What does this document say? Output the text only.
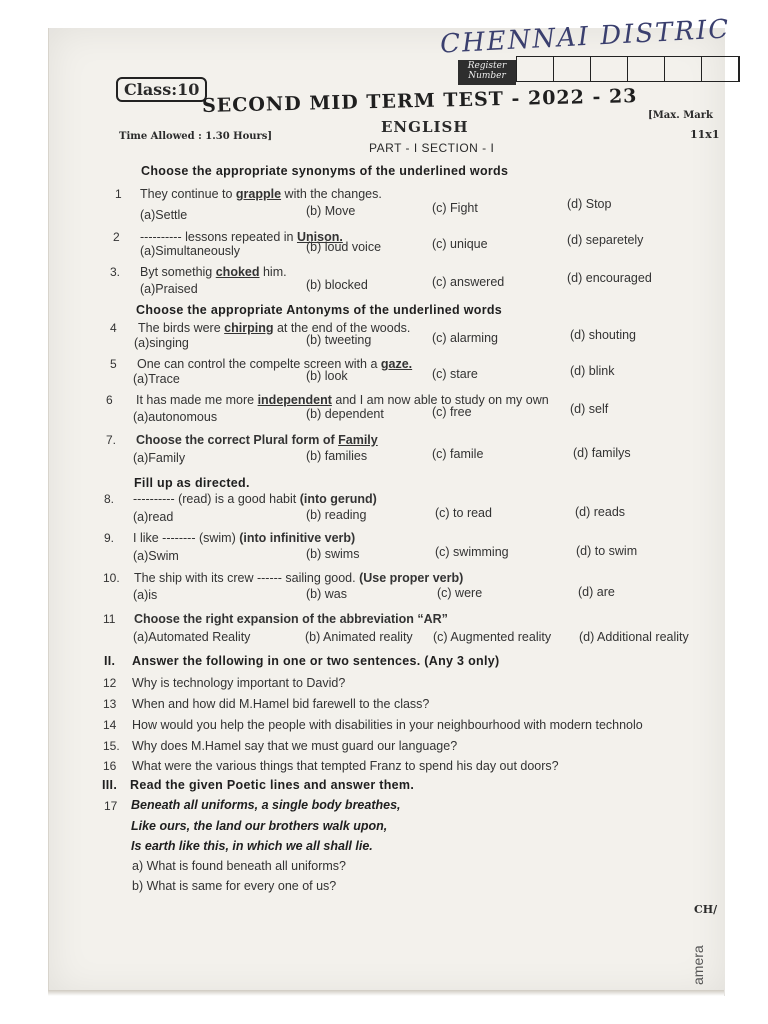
CHENNAI DISTRIC
Class:10
Register Number
SECOND MID TERM TEST - 2022 - 23
ENGLISH
Time Allowed : 1.30 Hours]
[Max. Mark
11x1
PART - I SECTION - I
Choose the appropriate synonyms of the underlined words
Choose the appropriate Antonyms of the underlined words
Fill up as directed.
1 They continue to grapple with the changes.
(a)Settle	(b) Move	(c) Fight	(d) Stop
2 ---------- lessons repeated in Unison.
(a)Simultaneously	(b) loud voice	(c) unique	(d) separetely
3. Byt somethig choked him.
(a)Praised	(b) blocked	(c) answered	(d) encouraged
4 The birds were chirping at the end of the woods.
(a)singing	(b) tweeting	(c) alarming	(d) shouting
5 One can control the compelte screen with a gaze.
(a)Trace	(b) look	(c) stare	(d) blink
6 It has made me more independent and I am now able to study on my own
(a)autonomous	(b) dependent	(c) free	(d) self
7. Choose the correct Plural form of Family
(a)Family	(b) families	(c) famile	(d) familys
8. ---------- (read) is a good habit (into gerund)
(a)read	(b) reading	(c) to read	(d) reads
9. I like -------- (swim) (into infinitive verb)
(a)Swim	(b) swims	(c) swimming	(d) to swim
10. The ship with its crew ------ sailing good. (Use proper verb)
(a)is	(b) was	(c) were	(d) are
11 Choose the right expansion of the abbreviation “AR”
(a)Automated Reality	(b) Animated reality (c) Augmented reality (d) Additional reality
II. Answer the following in one or two sentences. (Any 3 only)
12 Why is technology important to David?
13 When and how did M.Hamel bid farewell to the class?
14 How would you help the people with disabilities in your neighbourhood with modern technolo
15. Why does M.Hamel say that we must guard our language?
16 What were the various things that tempted Franz to spend his day out doors?
III. Read the given Poetic lines and answer them.
17 Beneath all uniforms, a single body breathes,
Like ours, the land our brothers walk upon,
Is earth like this, in which we all shall lie.
a) What is found beneath all uniforms?
b) What is same for every one of us?
CH/
amera
